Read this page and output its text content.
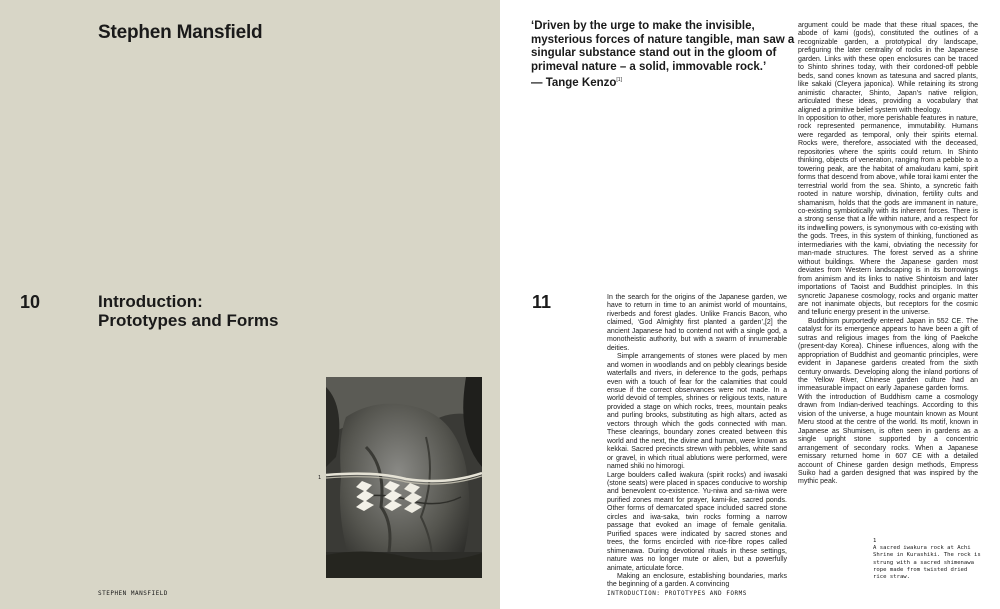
Stephen Mansfield
10	Introduction:
Prototypes and Forms
1
STEPHEN MANSFIELD
11
‘Driven by the urge to make the invisible, mysterious forces of nature tangible, man saw a singular substance stand out in the gloom of primeval nature – a solid, immovable rock.’
— Tange Kenzo[1]

In the search for the origins of the Japanese garden, we have to return in time to an animist world of mountains, riverbeds and forest glades. Unlike Francis Bacon, who claimed, ‘God Almighty first planted a garden’,[2] the ancient Japanese had to contend not with a single god, a monotheistic authority, but with a swarm of innumerable deities.

Simple arrangements of stones were placed by men and women in woodlands and on pebbly clearings beside waterfalls and rivers, in deference to the gods, perhaps even with a touch of fear for the calamities that could ensue if the correct observances were not made. In a world devoid of temples, shrines or religious texts, nature provided a stage on which rocks, trees, mountain peaks and purling brooks, substituting as high altars, acted as vectors through which the gods connected with man. These clearings, boundary zones created between this world and the next, the divine and human, were known as kekkai. Sacred precincts strewn with pebbles, white sand or gravel, in which ritual ablutions were performed, were named shiki no himorogi.

Large boulders called iwakura (spirit rocks) and iwasaki (stone seats) were placed in spaces conducive to worship and benevolent co-existence. Yu-niwa and sa-niwa were purified zones meant for prayer, kami-ike, sacred ponds. Other forms of demarcated space included sacred stone circles and iwa-saka, twin rocks forming a narrow passage that evoked an image of female genitalia. Purified spaces were indicated by sacred stones and trees, the forms encircled with rice-fibre ropes called shimenawa. During devotional rituals in these settings, nature was no longer mute or alien, but a powerfully animate, articulate force.

Making an enclosure, establishing boundaries, marks the beginning of a garden. A convincing

argument could be made that these ritual spaces, the abode of kami (gods), constituted the outlines of a recognizable garden, a prototypical dry landscape, prefiguring the later centrality of rocks in the Japanese garden. Links with these open enclosures can be traced to Shinto shrines today, with their cordoned-off pebble beds, sand cones known as tatesuna and sacred plants, like sakaki (Cleyera japonica). While retaining its strong animistic character, Shinto, Japan’s native religion, articulated these ideas, providing a vocabulary that aligned a primitive belief system with theology.

In opposition to other, more perishable features in nature, rock represented permanence, immutability. Humans were regarded as temporal, only their spirits eternal. Rocks were, therefore, associated with the deceased, repositories where the spirits could return. In Shinto thinking, objects of veneration, ranging from a pebble to a towering peak, are the habitat of amakudaru kami, spirit forms that descend from above, while torai kami enter the terrestrial world from the sea. Shinto, a syncretic faith rooted in nature worship, divination, fertility cults and shamanism, holds that the gods are immanent in nature, co-existing symbiotically with its inherent forces. There is a strong sense that a life within nature, and a respect for its indwelling powers, is synonymous with co-existing with the gods. Trees, in this system of thinking, functioned as intermediaries with the kami, obviating the necessity for man-made structures. The forest served as a shrine without buildings. Where the Japanese garden most deviates from Western landscaping is in its borrowings from animism and its links to native Shintoism and later importations of Taoist and Buddhist principles. In this syncretic Japanese cosmology, rocks and organic matter are not inanimate objects, but receptors for the cosmic and telluric energy present in the universe.

Buddhism purportedly entered Japan in 552 CE. The catalyst for its emergence appears to have been a gift of sutras and religious images from the king of Paekche (present-day Korea). Chinese influences, along with the appropriation of Buddhist and geomantic principles, were evident in Japanese gardens created from the sixth century onwards. Developing along the inland portions of the Yellow River, Chinese garden culture had an immeasurable impact on early Japanese garden forms.

With the introduction of Buddhism came a cosmology drawn from Indian-derived teachings. According to this vision of the universe, a huge mountain known as Mount Meru stood at the centre of the world. Its motif, known in Japanese as Shumisen, is often seen in gardens as a single upright stone supported by a concentric arrangement of secondary rocks. When a Japanese emissary returned home in 607 CE with a detailed account of Chinese garden design methods, Empress Suiko had a garden designed that was inspired by the mythic peak.

1
A sacred iwakura rock at Achi Shrine in Kurashiki. The rock is strung with a sacred shimenawa rope made from twisted dried rice straw.
INTRODUCTION: PROTOTYPES AND FORMS
